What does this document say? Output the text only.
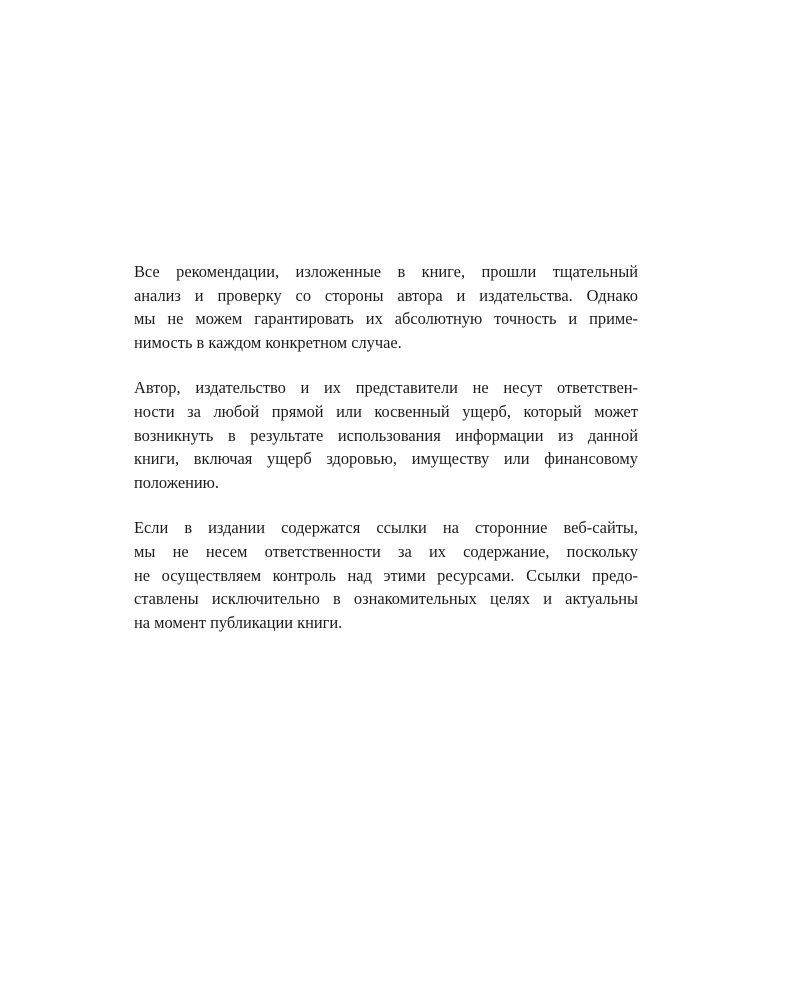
Все рекомендации, изложенные в книге, прошли тщательный
анализ и проверку со стороны автора и издательства. Однако
мы не можем гарантировать их абсолютную точность и приме-
нимость в каждом конкретном случае.

Автор, издательство и их представители не несут ответствен-
ности за любой прямой или косвенный ущерб, который может
возникнуть в результате использования информации из данной
книги, включая ущерб здоровью, имуществу или финансовому
положению.

Если в издании содержатся ссылки на сторонние веб-сайты,
мы не несем ответственности за их содержание, поскольку
не осуществляем контроль над этими ресурсами. Ссылки предо-
ставлены исключительно в ознакомительных целях и актуальны
на момент публикации книги.
